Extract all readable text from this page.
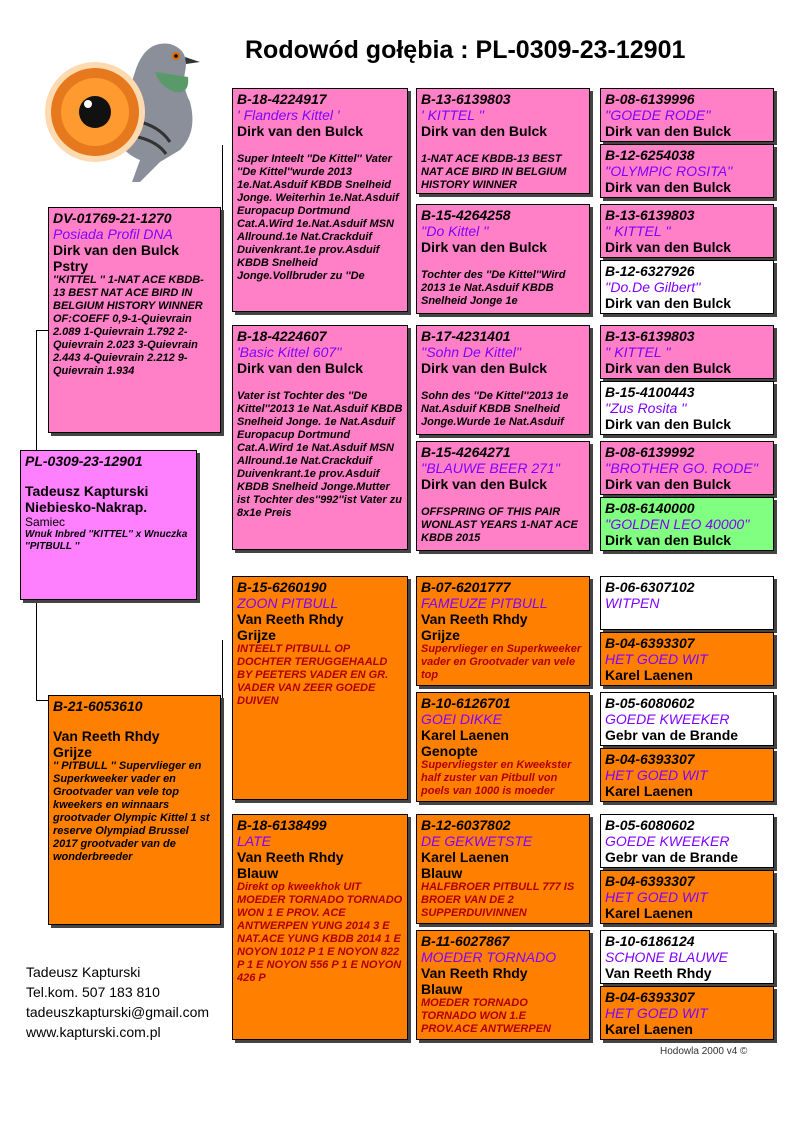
Rodowód gołębia : PL-0309-23-12901
PL-0309-23-12901
Tadeusz Kapturski
Niebiesko-Nakrap.
Samiec
Wnuk Inbred ''KITTEL'' x Wnuczka ''PITBULL ''
DV-01769-21-1270
Posiada Profil DNA
Dirk van den Bulck
Pstry
''KITTEL '' 1-NAT ACE KBDB-13 BEST NAT ACE BIRD IN BELGIUM HISTORY WINNER OF:COEFF 0,9-1-Quievrain 2.089 1-Quievrain 1.792 2-Quievrain 2.023 3-Quievrain 2.443 4-Quievrain 2.212 9-Quievrain 1.934
B-21-6053610
Van Reeth Rhdy
Grijze
'' PITBULL '' Supervlieger en Superkweeker vader en Grootvader van vele top kweekers en winnaars grootvader Olympic Kittel 1 st reserve Olympiad Brussel 2017 grootvader van de wonderbreeder
B-18-4224917
' Flanders Kittel '
Dirk van den Bulck
Super Inteelt ''De Kittel'' Vater ''De Kittel''wurde 2013 1e.Nat.Asduif KBDB Snelheid Jonge. Weiterhin 1e.Nat.Asduif Europacup Dortmund Cat.A.Wird 1e.Nat.Asduif MSN Allround.1e Nat.Crackduif Duivenkrant.1e prov.Asduif KBDB Snelheid Jonge.Vollbruder zu ''De
B-18-4224607
'Basic Kittel 607''
Dirk van den Bulck
Vater ist Tochter des ''De Kittel''2013 1e Nat.Asduif KBDB Snelheid Jonge. 1e Nat.Asduif Europacup Dortmund Cat.A.Wird 1e Nat.Asduif MSN Allround.1e Nat.Crackduif Duivenkrant.1e prov.Asduif KBDB Snelheid Jonge.Mutter ist Tochter des''992''ist Vater zu 8x1e Preis
B-15-6260190
ZOON PITBULL
Van Reeth Rhdy
Grijze
INTEELT PITBULL OP DOCHTER TERUGGEHAALD BY PEETERS VADER EN GR. VADER VAN ZEER GOEDE DUIVEN
B-18-6138499
LATE
Van Reeth Rhdy
Blauw
Direkt op kweekhok UIT MOEDER TORNADO TORNADO WON 1 E PROV. ACE ANTWERPEN YUNG 2014 3 E NAT.ACE YUNG KBDB 2014 1 E NOYON 1012 P 1 E NOYON 822 P 1 E NOYON 556 P 1 E NOYON 426 P
B-13-6139803
' KITTEL ''
Dirk van den Bulck
1-NAT ACE KBDB-13 BEST NAT ACE BIRD IN BELGIUM HISTORY WINNER
B-15-4264258
''Do Kittel ''
Dirk van den Bulck
Tochter des ''De Kittel''Wird 2013 1e Nat.Asduif KBDB Snelheid Jonge 1e
B-17-4231401
''Sohn De Kittel''
Dirk van den Bulck
Sohn des ''De Kittel''2013 1e Nat.Asduif KBDB Snelheid Jonge.Wurde 1e Nat.Asduif
B-15-4264271
''BLAUWE BEER 271''
Dirk van den Bulck
OFFSPRING OF THIS PAIR WONLAST YEARS 1-NAT ACE KBDB 2015
B-07-6201777
FAMEUZE PITBULL
Van Reeth Rhdy
Grijze
Supervlieger en Superkweeker vader en Grootvader van vele top
B-10-6126701
GOEI DIKKE
Karel Laenen
Genopte
Supervliegster en Kweekster half zuster van Pitbull von poels van 1000 is moeder
B-12-6037802
DE GEKWETSTE
Karel Laenen
Blauw
HALFBROER PITBULL 777 IS BROER VAN DE 2 SUPPERDUIVINNEN
B-11-6027867
MOEDER TORNADO
Van Reeth Rhdy
Blauw
MOEDER TORNADO TORNADO WON 1.E PROV.ACE ANTWERPEN
B-08-6139996
''GOEDE RODE''
Dirk van den Bulck
B-12-6254038
''OLYMPIC ROSITA''
Dirk van den Bulck
B-13-6139803
'' KITTEL ''
Dirk van den Bulck
B-12-6327926
''Do.De Gilbert''
Dirk van den Bulck
B-13-6139803
'' KITTEL ''
Dirk van den Bulck
B-15-4100443
''Zus Rosita ''
Dirk van den Bulck
B-08-6139992
''BROTHER GO. RODE''
Dirk van den Bulck
B-08-6140000
''GOLDEN LEO 40000''
Dirk van den Bulck
B-06-6307102
WITPEN
B-04-6393307
HET GOED WIT
Karel Laenen
B-05-6080602
GOEDE KWEEKER
Gebr van de Brande
B-04-6393307
HET GOED WIT
Karel Laenen
B-05-6080602
GOEDE KWEEKER
Gebr van de Brande
B-04-6393307
HET GOED WIT
Karel Laenen
B-10-6186124
SCHONE BLAUWE
Van Reeth Rhdy
B-04-6393307
HET GOED WIT
Karel Laenen
Tadeusz Kapturski
Tel.kom. 507 183 810
tadeuszkapturski@gmail.com
www.kapturski.com.pl
Hodowla 2000 v4 ©
